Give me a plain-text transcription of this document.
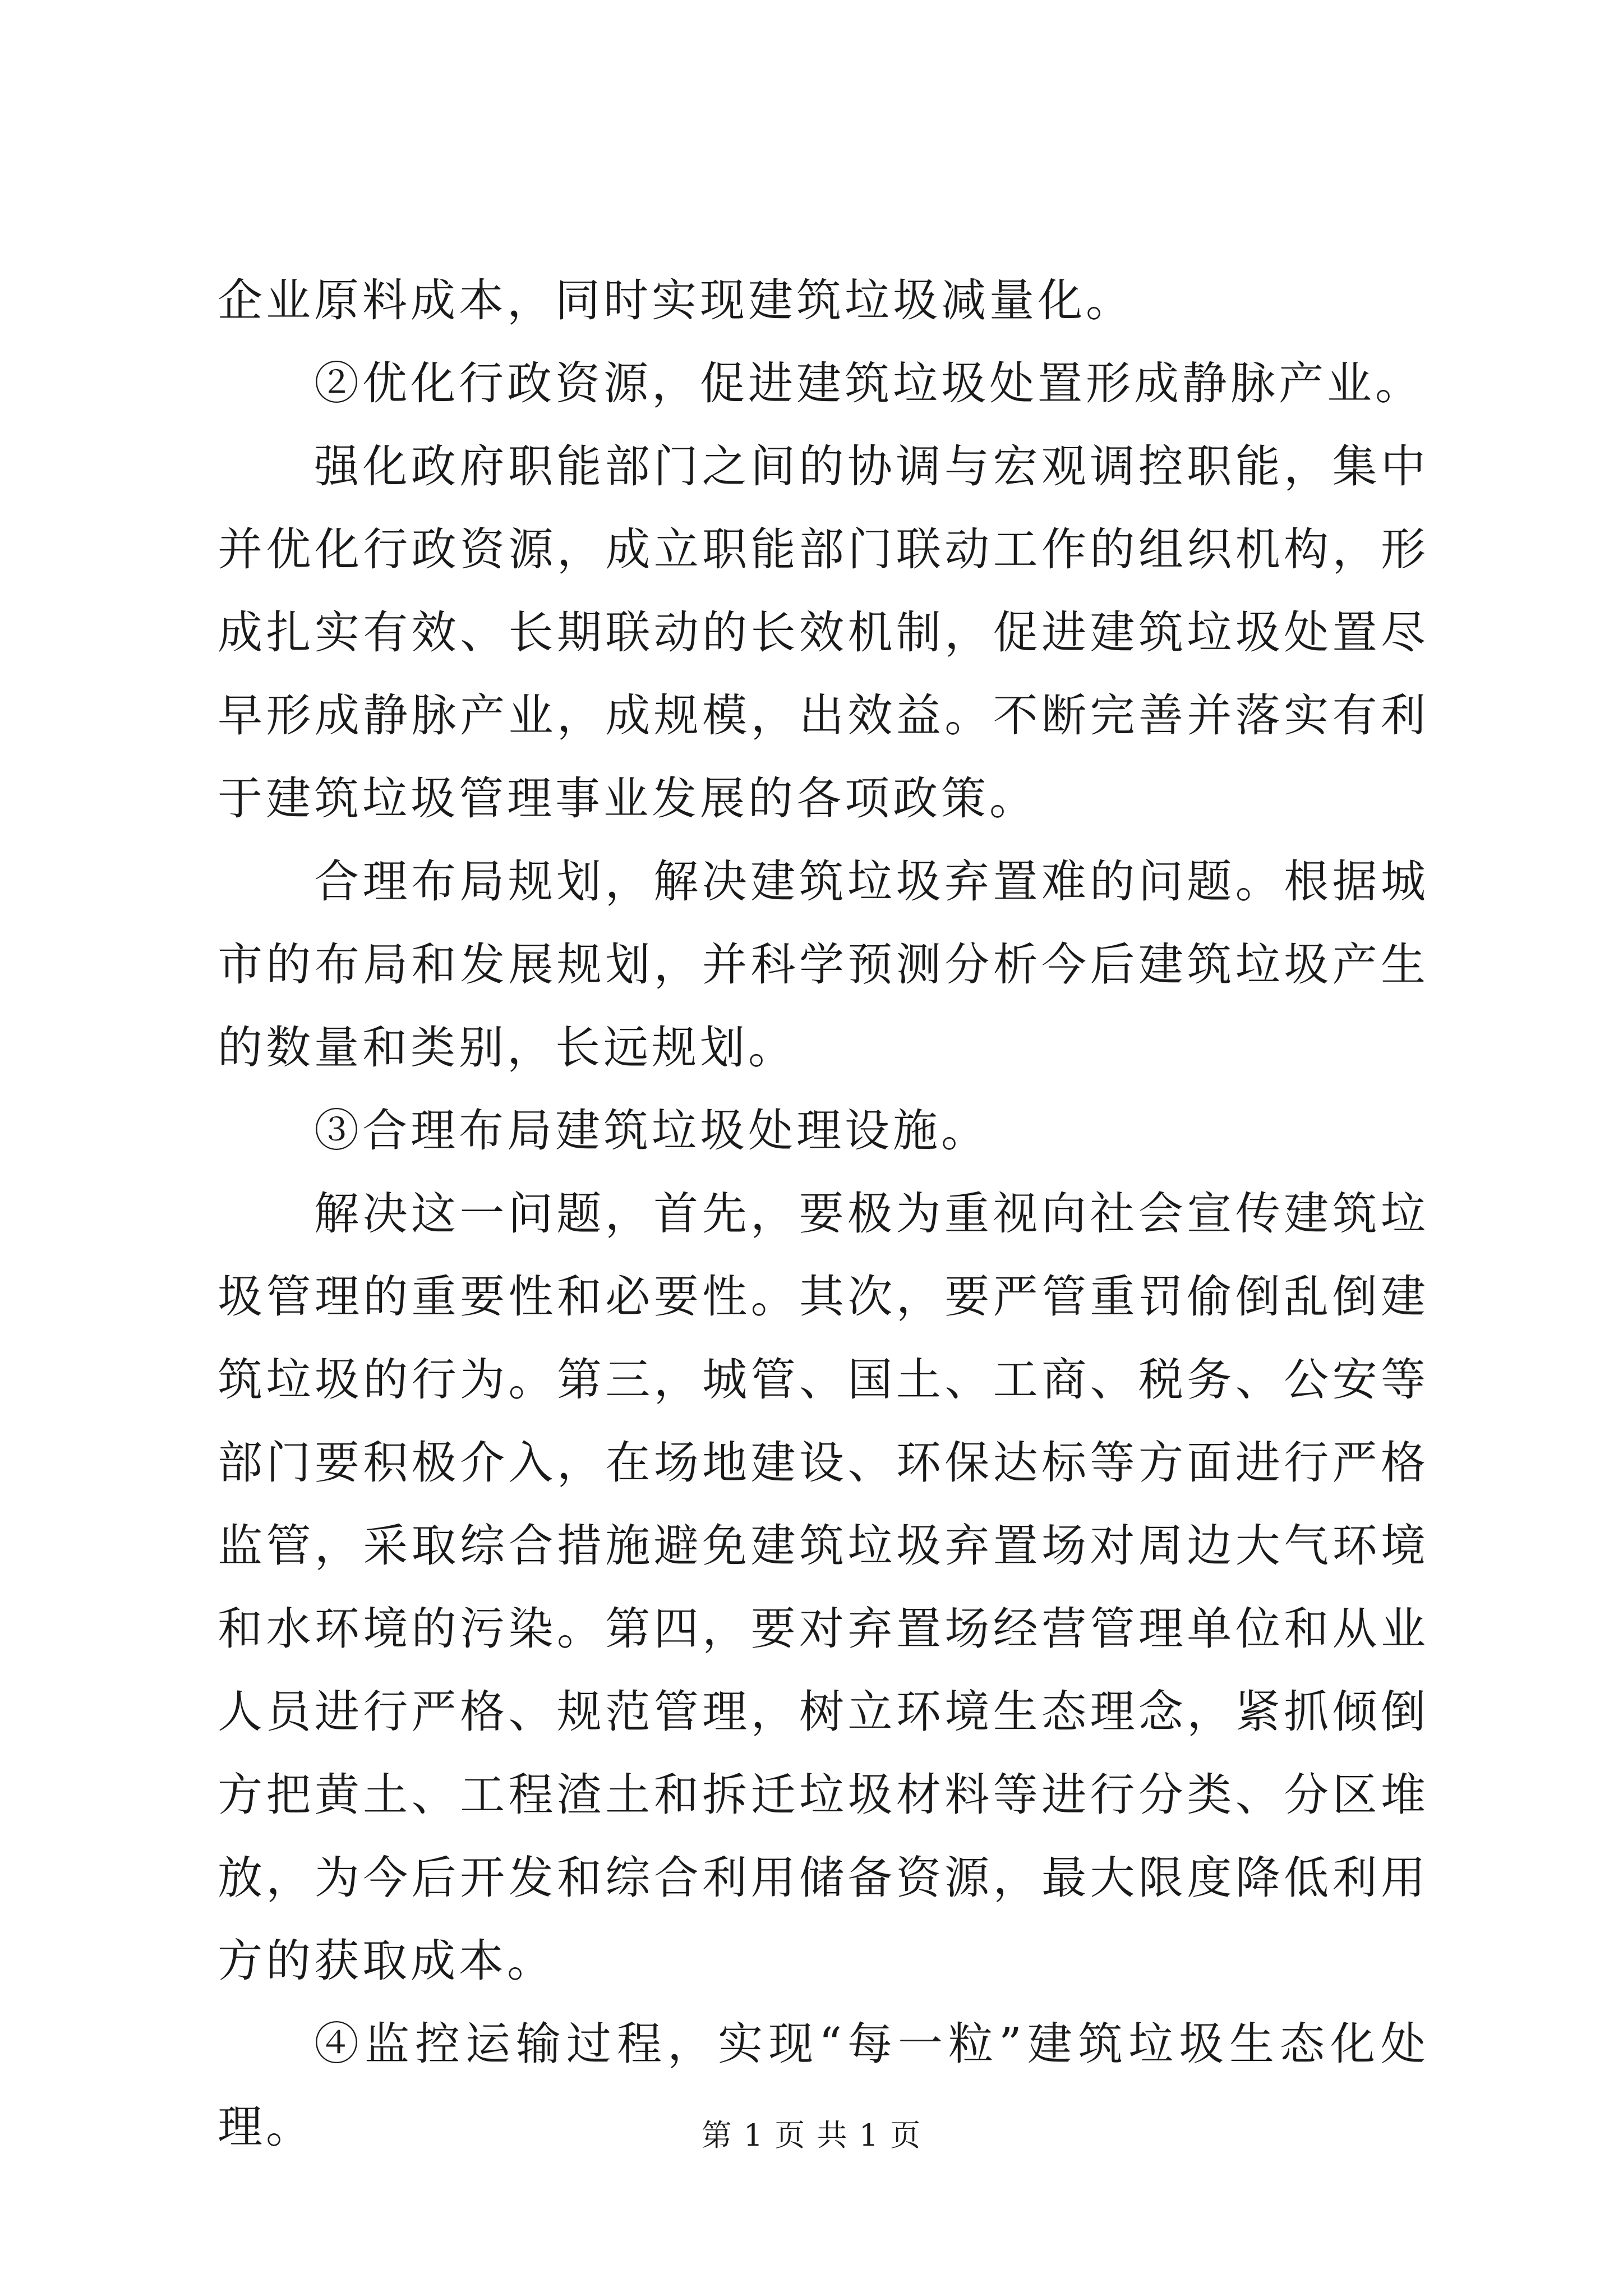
企业原料成本，同时实现建筑垃圾减量化。

②优化行政资源，促进建筑垃圾处置形成静脉产业。

强化政府职能部门之间的协调与宏观调控职能，集中并优化行政资源，成立职能部门联动工作的组织机构，形成扎实有效、长期联动的长效机制，促进建筑垃圾处置尽早形成静脉产业，成规模，出效益。不断完善并落实有利于建筑垃圾管理事业发展的各项政策。

合理布局规划，解决建筑垃圾弃置难的问题。根据城市的布局和发展规划，并科学预测分析今后建筑垃圾产生的数量和类别，长远规划。

③合理布局建筑垃圾处理设施。

解决这一问题，首先，要极为重视向社会宣传建筑垃圾管理的重要性和必要性。其次，要严管重罚偷倒乱倒建筑垃圾的行为。第三，城管、国土、工商、税务、公安等部门要积极介入，在场地建设、环保达标等方面进行严格监管，采取综合措施避免建筑垃圾弃置场对周边大气环境和水环境的污染。第四，要对弃置场经营管理单位和从业人员进行严格、规范管理，树立环境生态理念，紧抓倾倒方把黄土、工程渣土和拆迁垃圾材料等进行分类、分区堆放，为今后开发和综合利用储备资源，最大限度降低利用方的获取成本。

④监控运输过程，实现“每一粒”建筑垃圾生态化处理。	第 1 页 共 1 页
